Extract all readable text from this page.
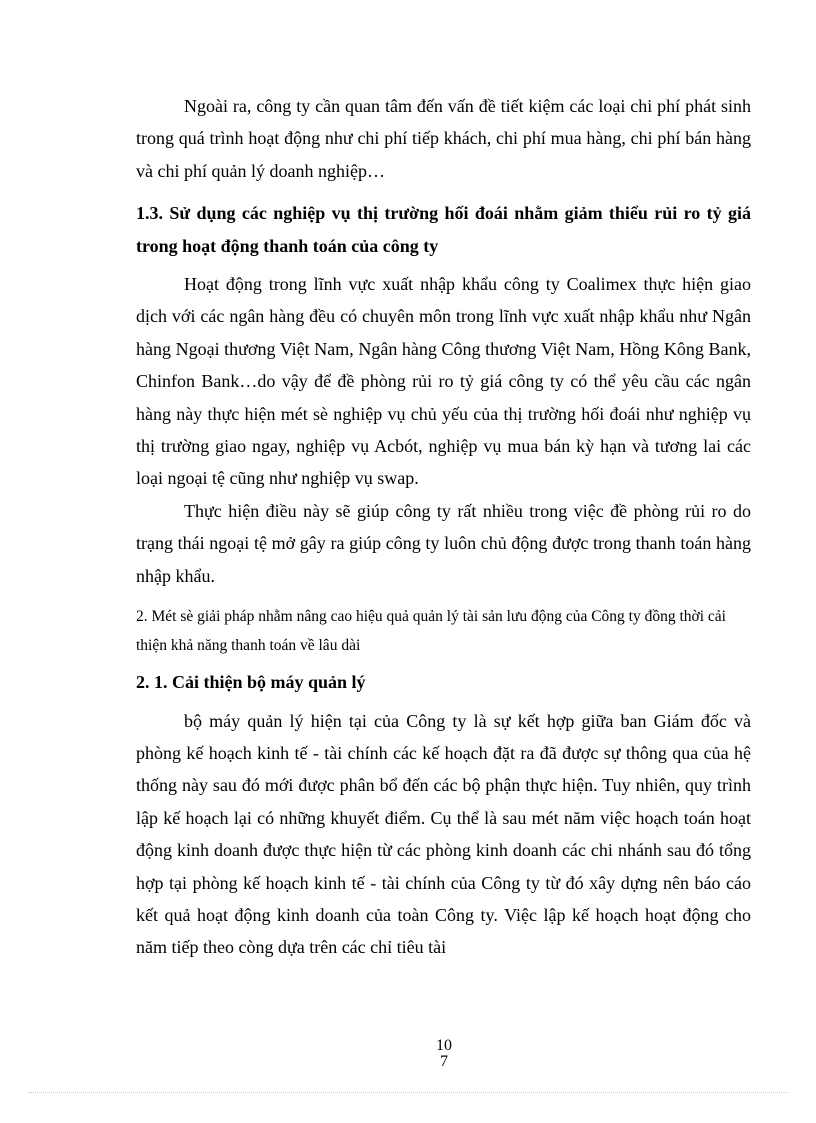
Ngoài ra, công ty cần quan tâm đến vấn đề tiết kiệm các loại chi phí phát sinh trong quá trình hoạt động như chi phí tiếp khách, chi phí mua hàng, chi phí bán hàng và chi phí quản lý doanh nghiệp…

1.3. Sử dụng các nghiệp vụ thị trường hối đoái nhằm giảm thiểu rủi ro tỷ giá trong hoạt động thanh toán của công ty

Hoạt động trong lĩnh vực xuất nhập khẩu công ty Coalimex thực hiện giao dịch với các ngân hàng đều có chuyên môn trong lĩnh vực xuất nhập khẩu như Ngân hàng Ngoại thương Việt Nam, Ngân hàng Công thương Việt Nam, Hồng Kông Bank, Chinfon Bank…do vậy để đề phòng rủi ro tỷ giá công ty có thể yêu cầu các ngân hàng này thực hiện mét sè nghiệp vụ chủ yếu của thị trường hối đoái như nghiệp vụ thị trường giao ngay, nghiệp vụ Acbót, nghiệp vụ mua bán kỳ hạn và tương lai các loại ngoại tệ cũng như nghiệp vụ swap.

Thực hiện điều này sẽ giúp công ty rất nhiều trong việc đề phòng rủi ro do trạng thái ngoại tệ mở gây ra giúp công ty luôn chủ động được trong thanh toán hàng nhập khẩu.

2. Mét sè giải pháp nhằm nâng cao hiệu quả quản lý tài sản lưu động của Công ty đồng thời cải thiện khả năng thanh toán về lâu dài
2. 1. Cải thiện bộ máy quản lý

bộ máy quản lý hiện tại của Công ty là sự kết hợp giữa ban Giám đốc và phòng kế hoạch kinh tế - tài chính các kế hoạch đặt ra đã được sự thông qua của hệ thống này sau đó mới được phân bổ đến các bộ phận thực hiện. Tuy nhiên, quy trình lập kế hoạch lại có những khuyết điểm. Cụ thể là sau mét năm việc hoạch toán hoạt động kinh doanh được thực hiện từ các phòng kinh doanh các chi nhánh sau đó tổng hợp tại phòng kế hoạch kinh tế - tài chính của Công ty từ đó xây dựng nên báo cáo kết quả hoạt động kinh doanh của toàn Công ty. Việc lập kế hoạch hoạt động cho năm tiếp theo còng dựa trên các chỉ tiêu tài

10
7
